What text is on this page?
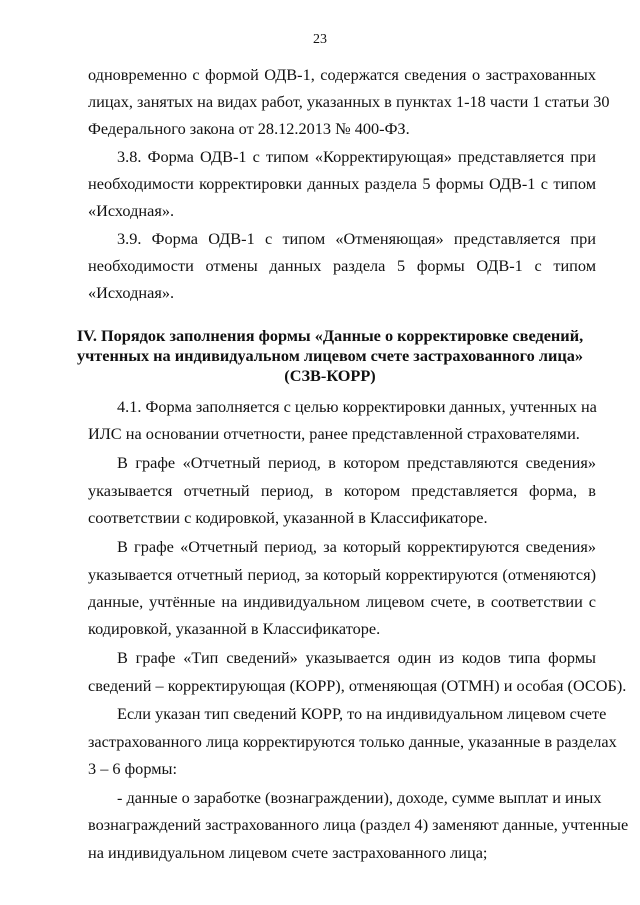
23
одновременно с формой ОДВ-1, содержатся сведения о застрахованных
лицах, занятых на видах работ, указанных в пунктах 1-18 части 1 статьи 30
Федерального закона от 28.12.2013 № 400-ФЗ.
3.8. Форма ОДВ-1 с типом «Корректирующая» представляется при
необходимости корректировки данных раздела 5 формы ОДВ-1 с типом
«Исходная».
3.9. Форма ОДВ-1 с типом «Отменяющая» представляется при
необходимости отмены данных раздела 5 формы ОДВ-1 с типом
«Исходная».
IV. Порядок заполнения формы «Данные о корректировке сведений,
учтенных на индивидуальном лицевом счете застрахованного лица»
(СЗВ-КОРР)
4.1. Форма заполняется с целью корректировки данных, учтенных на
ИЛС на основании отчетности, ранее представленной страхователями.
В графе «Отчетный период, в котором представляются сведения»
указывается отчетный период, в котором представляется форма, в
соответствии с кодировкой, указанной в Классификаторе.
В графе «Отчетный период, за который корректируются сведения»
указывается отчетный период, за который корректируются (отменяются)
данные, учтённые на индивидуальном лицевом счете, в соответствии с
кодировкой, указанной в Классификаторе.
В графе «Тип сведений» указывается один из кодов типа формы
сведений – корректирующая (КОРР), отменяющая (ОТМН) и особая (ОСОБ).
Если указан тип сведений КОРР, то на индивидуальном лицевом счете
застрахованного лица корректируются только данные, указанные в разделах
3 – 6 формы:
- данные о заработке (вознаграждении), доходе, сумме выплат и иных
вознаграждений застрахованного лица (раздел 4) заменяют данные, учтенные
на индивидуальном лицевом счете застрахованного лица;
